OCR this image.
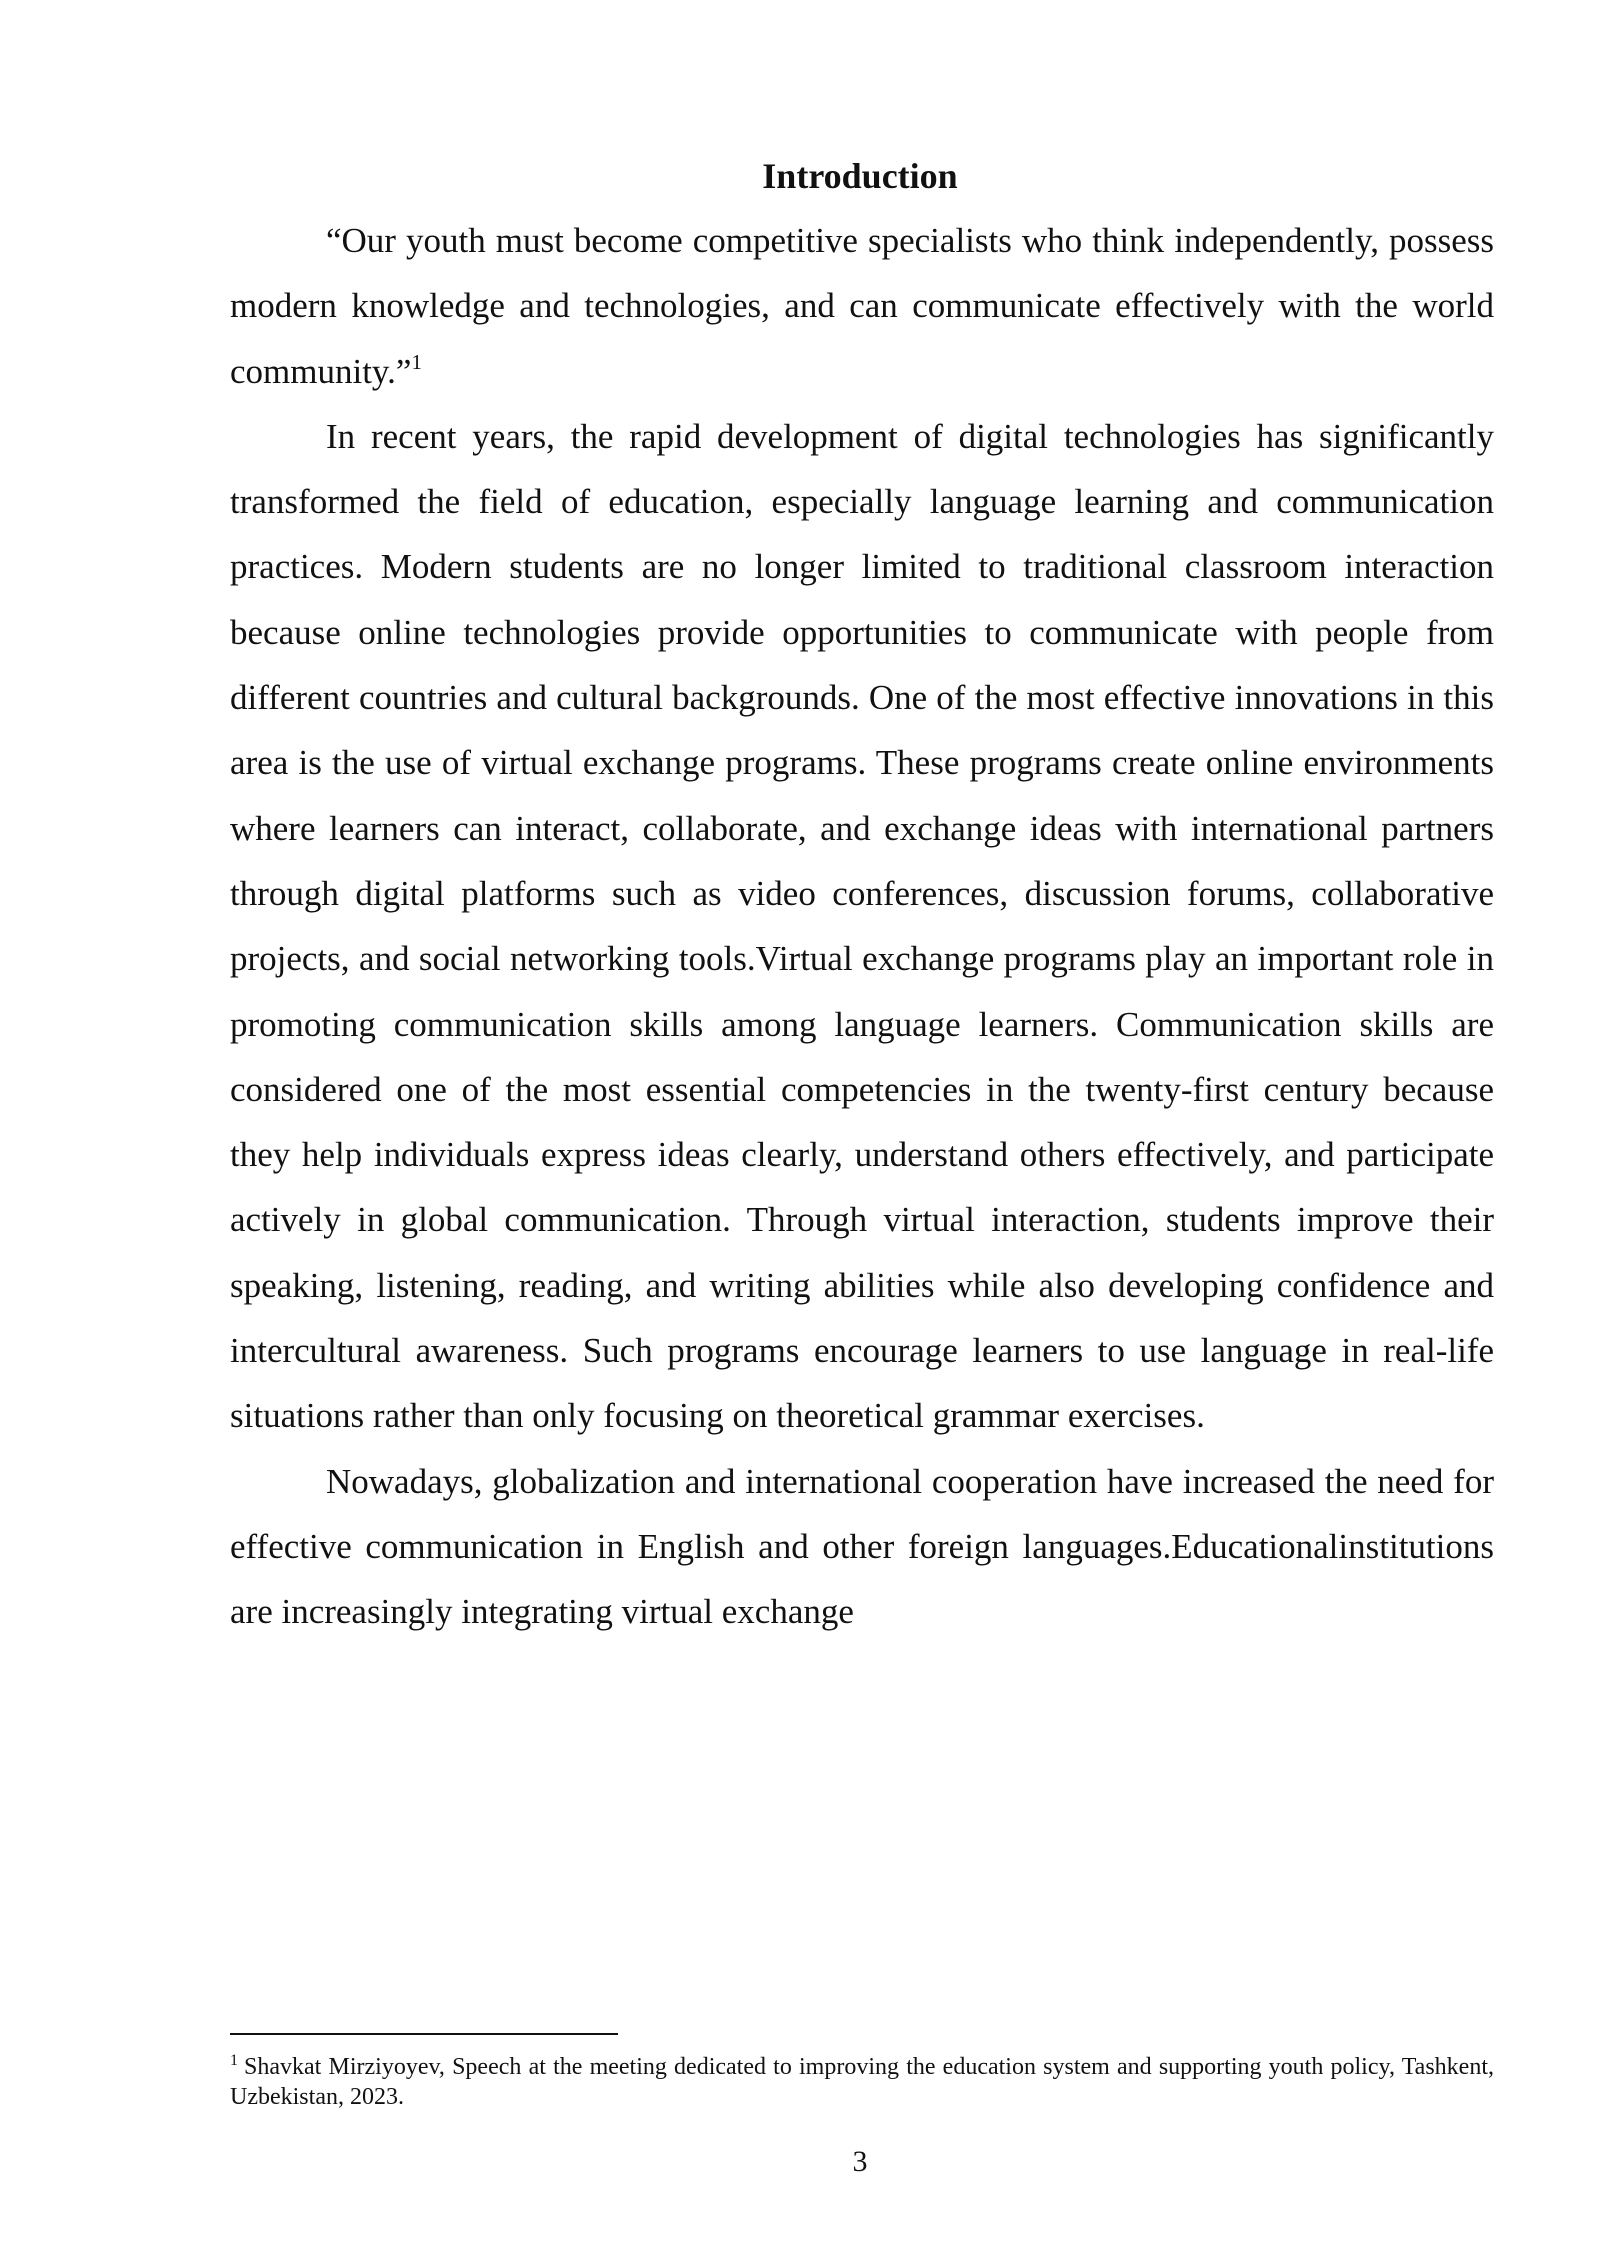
Introduction

“Our youth must become competitive specialists who think independently, possess modern knowledge and technologies, and can communicate effectively with the world community.”$^1$

In recent years, the rapid development of digital technologies has significantly transformed the field of education, especially language learning and communication practices. Modern students are no longer limited to traditional classroom interaction because online technologies provide opportunities to communicate with people from different countries and cultural backgrounds. One of the most effective innovations in this area is the use of virtual exchange programs. These programs create online environments where learners can interact, collaborate, and exchange ideas with international partners through digital platforms such as video conferences, discussion forums, collaborative projects, and social networking tools.Virtual exchange programs play an important role in promoting communication skills among language learners. Communication skills are considered one of the most essential competencies in the twenty-first century because they help individuals express ideas clearly, understand others effectively, and participate actively in global communication. Through virtual interaction, students improve their speaking, listening, reading, and writing abilities while also developing confidence and intercultural awareness. Such programs encourage learners to use language in real-life situations rather than only focusing on theoretical grammar exercises.

Nowadays, globalization and international cooperation have increased the need for effective communication in English and other foreign languages.Educationalinstitutions are increasingly integrating virtual exchange

$^1$ Shavkat Mirziyoyev, Speech at the meeting dedicated to improving the education system and supporting youth policy, Tashkent, Uzbekistan, 2023.

3
